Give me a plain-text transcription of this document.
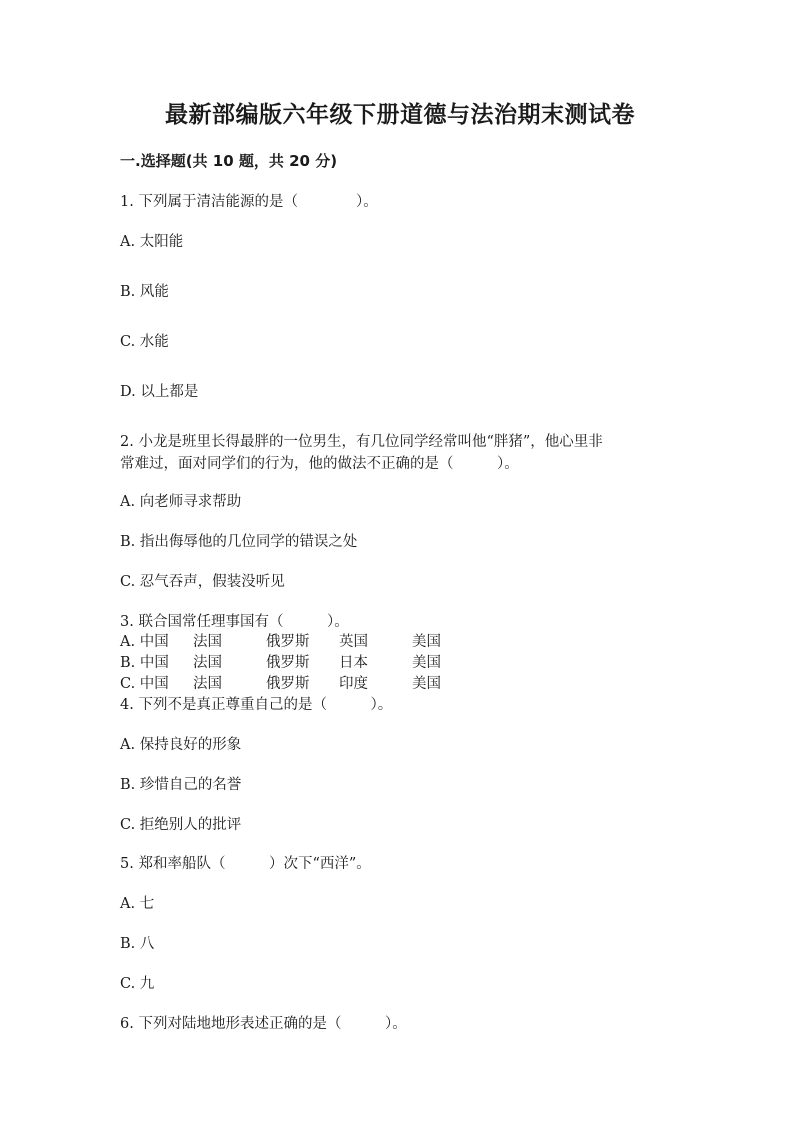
最新部编版六年级下册道德与法治期末测试卷
一.选择题(共 10 题，共 20 分)
1. 下列属于清洁能源的是（　　　　）。
A. 太阳能
B. 风能
C. 水能
D. 以上都是
2. 小龙是班里长得最胖的一位男生，有几位同学经常叫他“胖猪”，他心里非
常难过，面对同学们的行为，他的做法不正确的是（　　　）。
A. 向老师寻求帮助
B. 指出侮辱他的几位同学的错误之处
C. 忍气吞声，假装没听见
3. 联合国常任理事国有（　　　）。
A. 中国 法国	俄罗斯 英国	美国
B. 中国 法国	俄罗斯 日本	美国
C. 中国 法国	俄罗斯 印度	美国
4. 下列不是真正尊重自己的是（　　　）。
A. 保持良好的形象
B. 珍惜自己的名誉
C. 拒绝别人的批评
5. 郑和率船队（　　　）次下“西洋”。
A. 七
B. 八
C. 九
6. 下列对陆地地形表述正确的是（　　　）。
